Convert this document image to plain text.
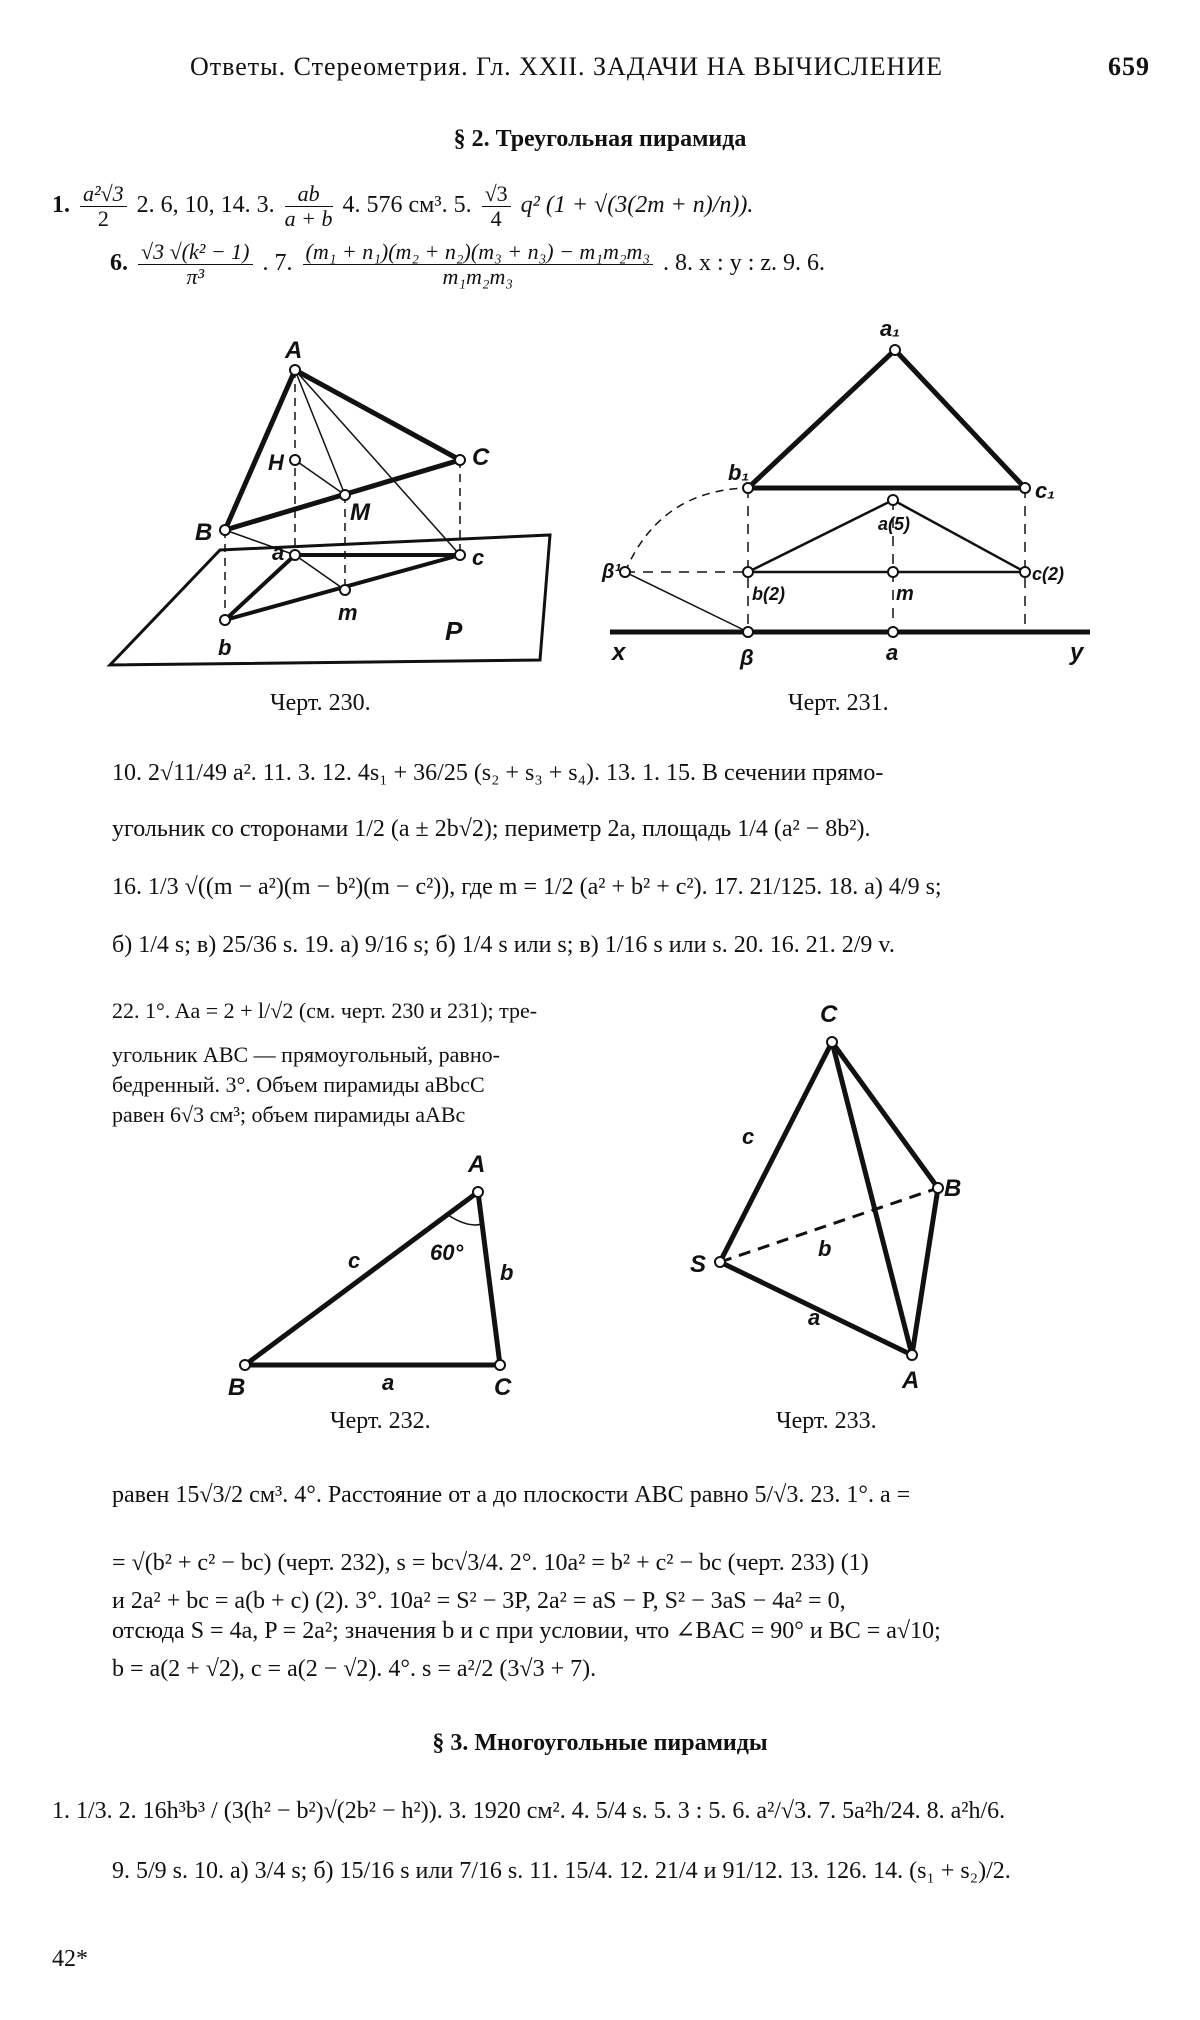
Ответы. Стереометрия. Гл. XXII. ЗАДАЧИ НА ВЫЧИСЛЕНИЕ	659
§ 2. Треугольная пирамида
1. $\frac{\text{a²√3}}{2} 2$. 6, 10, 14. 3. $\frac{ab}{a + b} 4$. 576 см³. 5. $\frac{√3}{4} q^2$ (1 + √(3(2m + n)/n)).
6. $\frac{\text{√3 √(k² − 1)}}{\text{π³}}$ . 7. $\frac{\text{(m₁ + n₁)(m₂ + n₂)(m₃ + n₃) − m₁m₂m₃}}{\text{m₁m₂m₃}}$ . 8. x : y : z. 9. 6.
A
H	C
M
B
a	c
m
P
b
Черт. 230.
a₁
b₁
c₁
a(5)
β¹
b(2)	m
c(2)
x	β	a	y
Черт. 231.
10. 2√11/49 a². 11. 3. 12. 4s₁ + 36/25 (s₂ + s₃ + s₄). 13. 1. 15. В сечении прямо-
угольник со сторонами 1/2 (a ± 2b√2); периметр 2a, площадь 1/4 (a² − 8b²).
16. 1/3 √((m − a²)(m − b²)(m − c²)), где m = 1/2 (a² + b² + c²). 17. 21/125. 18. а) 4/9 s;
б) 1/4 s; в) 25/36 s. 19. а) 9/16 s; б) 1/4 s или s; в) 1/16 s или s. 20. 16. 21. 2/9 v.
22. 1°. Aa = 2 + l/√2 (см. черт. 230 и 231); тре-
угольник ABC — прямоугольный, равно-
бедренный. 3°. Объем пирамиды aBbcC
равен 6√3 см³; объем пирамиды aABc
A
c	60°
b
B	a	C
Черт. 232.
C
c
B
S
b
a
A
Черт. 233.
равен 15√3/2 см³. 4°. Расстояние от a до плоскости ABC равно 5/√3. 23. 1°. a =
= √(b² + c² − bc) (черт. 232), s = bc√3/4. 2°. 10a² = b² + c² − bc (черт. 233) (1)
и 2a² + bc = a(b + c) (2). 3°. 10a² = S² − 3P, 2a² = aS − P, S² − 3aS − 4a² = 0,
отсюда S = 4a, P = 2a²; значения b и c при условии, что ∠BAC = 90° и BC = a√10;
b = a(2 + √2), c = a(2 − √2). 4°. s = a²/2 (3√3 + 7).
§ 3. Многоугольные пирамиды
1. 1/3. 2. 16h³b³ / (3(h² − b²)√(2b² − h²)). 3. 1920 см². 4. 5/4 s. 5. 3 : 5. 6. a²/√3. 7. 5a²h/24. 8. a²h/6.
9. 5/9 s. 10. а) 3/4 s; б) 15/16 s или 7/16 s. 11. 15/4. 12. 21/4 и 91/12. 13. 126. 14. (s₁ + s₂)/2.
42*
